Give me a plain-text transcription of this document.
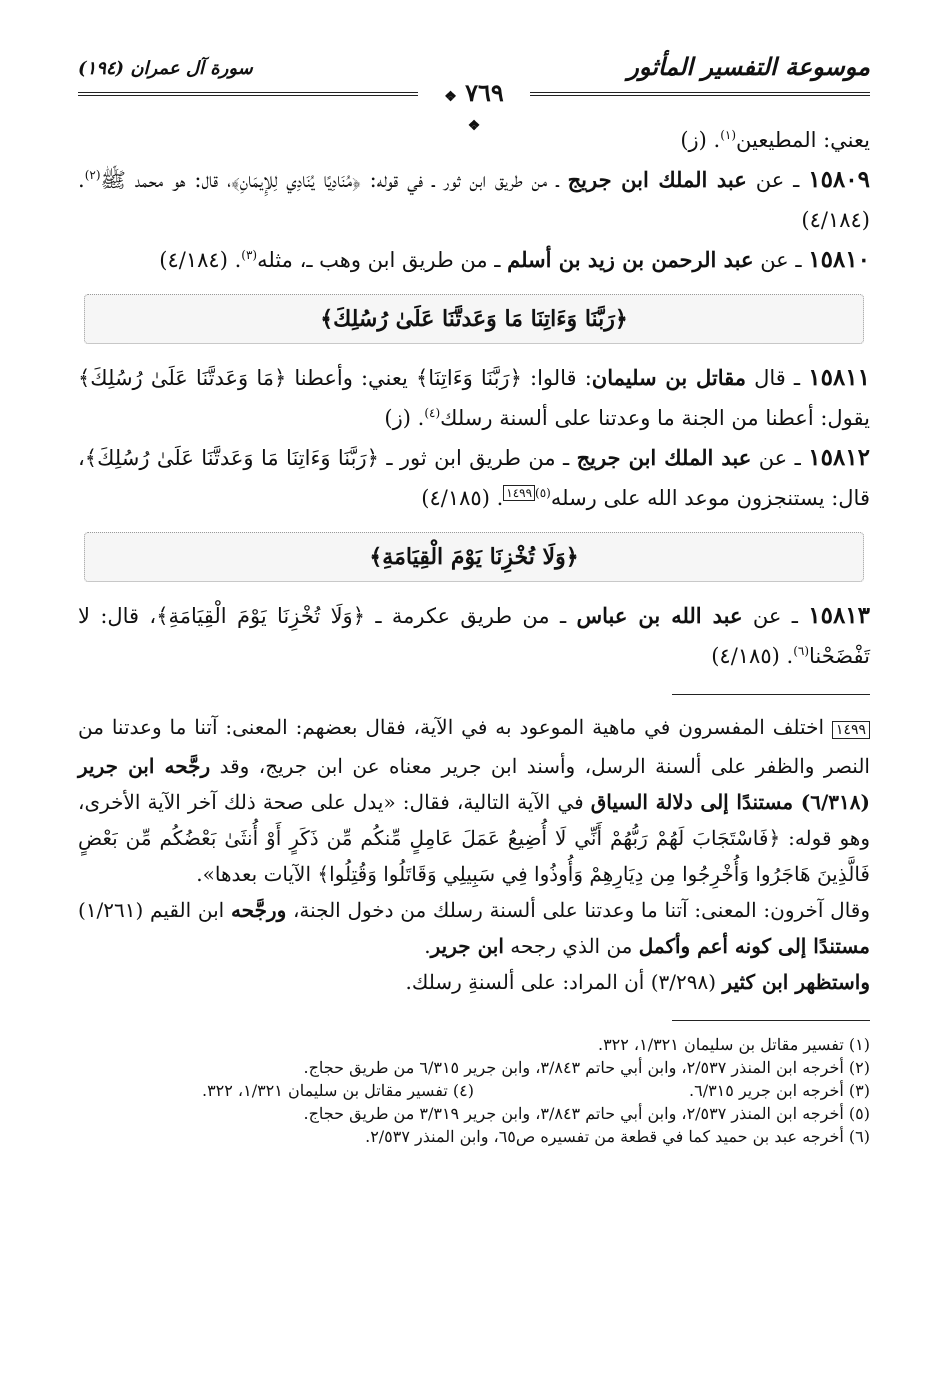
موسوعة التفسير المأثور
سورة آل عمران (١٩٤)
❖ ٧٦٩ ❖

يعني: المطيعين$^{(١)}$. (ز)

١٥٨٠٩ ـ عن عبد الملك ابن جريج ـ من طريق ابن ثور ـ في قوله: ﴿مُنَادِيًا يُنَادِي لِلإِيمَانِ﴾، قال: هو محمد ﷺ$^{(٢)}$. (٤/١٨٤)

١٥٨١٠ ـ عن عبد الرحمن بن زيد بن أسلم ـ من طريق ابن وهب ـ، مثله$^{(٣)}$. (٤/١٨٤)

﴿رَبَّنَا وَءَاتِنَا مَا وَعَدتَّنَا عَلَىٰ رُسُلِكَ﴾

١٥٨١١ ـ قال مقاتل بن سليمان: قالوا: ﴿رَبَّنَا وَءَاتِنَا﴾ يعني: وأعطنا ﴿مَا وَعَدتَّنَا عَلَىٰ رُسُلِكَ﴾ يقول: أعطنا من الجنة ما وعدتنا على ألسنة رسلك$^{(٤)}$. (ز)

١٥٨١٢ ـ عن عبد الملك ابن جريج ـ من طريق ابن ثور ـ ﴿رَبَّنَا وَءَاتِنَا مَا وَعَدتَّنَا عَلَىٰ رُسُلِكَ﴾، قال: يستنجزون موعد الله على رسله$^{(٥)١٤٩٩}$. (٤/١٨٥)

﴿وَلَا تُخْزِنَا يَوْمَ الْقِيَامَةِ﴾

١٥٨١٣ ـ عن عبد الله بن عباس ـ من طريق عكرمة ـ ﴿وَلَا تُخْزِنَا يَوْمَ الْقِيَامَةِ﴾، قال: لا تَفْضَحْنا$^{(٦)}$. (٤/١٨٥)

١٤٩٩ اختلف المفسرون في ماهية الموعود به في الآية، فقال بعضهم: المعنى: آتنا ما وعدتنا من النصر والظفر على ألسنة الرسل، وأسند ابن جرير معناه عن ابن جريج، وقد رجَّحه ابن جرير (٦/٣١٨) مستندًا إلى دلالة السياق في الآية التالية، فقال: «يدل على صحة ذلك آخر الآية الأخرى، وهو قوله: ﴿فَاسْتَجَابَ لَهُمْ رَبُّهُمْ أَنِّي لَا أُضِيعُ عَمَلَ عَامِلٍ مِّنكُم مِّن ذَكَرٍ أَوْ أُنثَىٰ بَعْضُكُم مِّن بَعْضٍ فَالَّذِينَ هَاجَرُوا وَأُخْرِجُوا مِن دِيَارِهِمْ وَأُوذُوا فِي سَبِيلِي وَقَاتَلُوا وَقُتِلُوا﴾ الآيات بعدها».

وقال آخرون: المعنى: آتنا ما وعدتنا على ألسنة رسلك من دخول الجنة، ورجَّحه ابن القيم (١/٢٦١) مستندًا إلى كونه أعم وأكمل من الذي رجحه ابن جرير.

واستظهر ابن كثير (٣/٢٩٨) أن المراد: على ألسنةِ رسلك.

(١) تفسير مقاتل بن سليمان ١/٣٢١، ٣٢٢.
(٢) أخرجه ابن المنذر ٢/٥٣٧، وابن أبي حاتم ٣/٨٤٣، وابن جرير ٦/٣١٥ من طريق حجاج.
(٣) أخرجه ابن جرير ٦/٣١٥.
(٤) تفسير مقاتل بن سليمان ١/٣٢١، ٣٢٢.
(٥) أخرجه ابن المنذر ٢/٥٣٧، وابن أبي حاتم ٣/٨٤٣، وابن جرير ٣/٣١٩ من طريق حجاج.
(٦) أخرجه عبد بن حميد كما في قطعة من تفسيره ص٦٥، وابن المنذر ٢/٥٣٧.
